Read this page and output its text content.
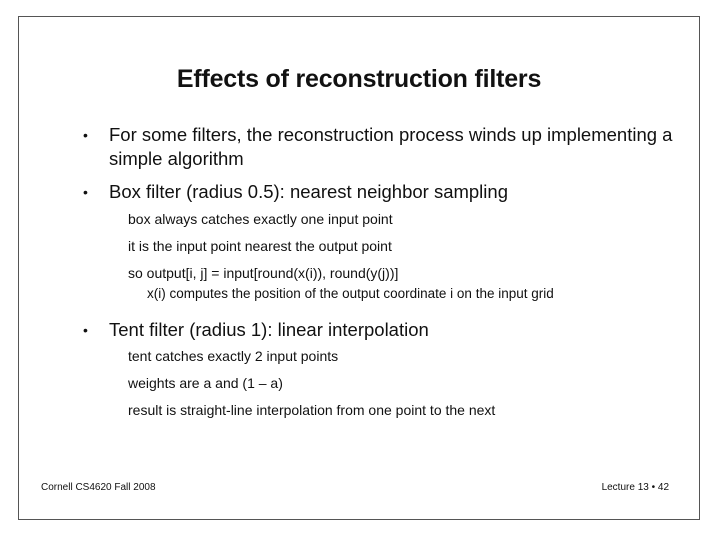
Effects of reconstruction filters
• For some filters, the reconstruction process winds up implementing a simple algorithm
• Box filter (radius 0.5): nearest neighbor sampling
box always catches exactly one input point
it is the input point nearest the output point
so output[i, j] = input[round(x(i)), round(y(j))]
x(i) computes the position of the output coordinate i on the input grid
• Tent filter (radius 1): linear interpolation
tent catches exactly 2 input points
weights are a and (1 – a)
result is straight-line interpolation from one point to the next
Cornell CS4620 Fall 2008	Lecture 13 • 42
